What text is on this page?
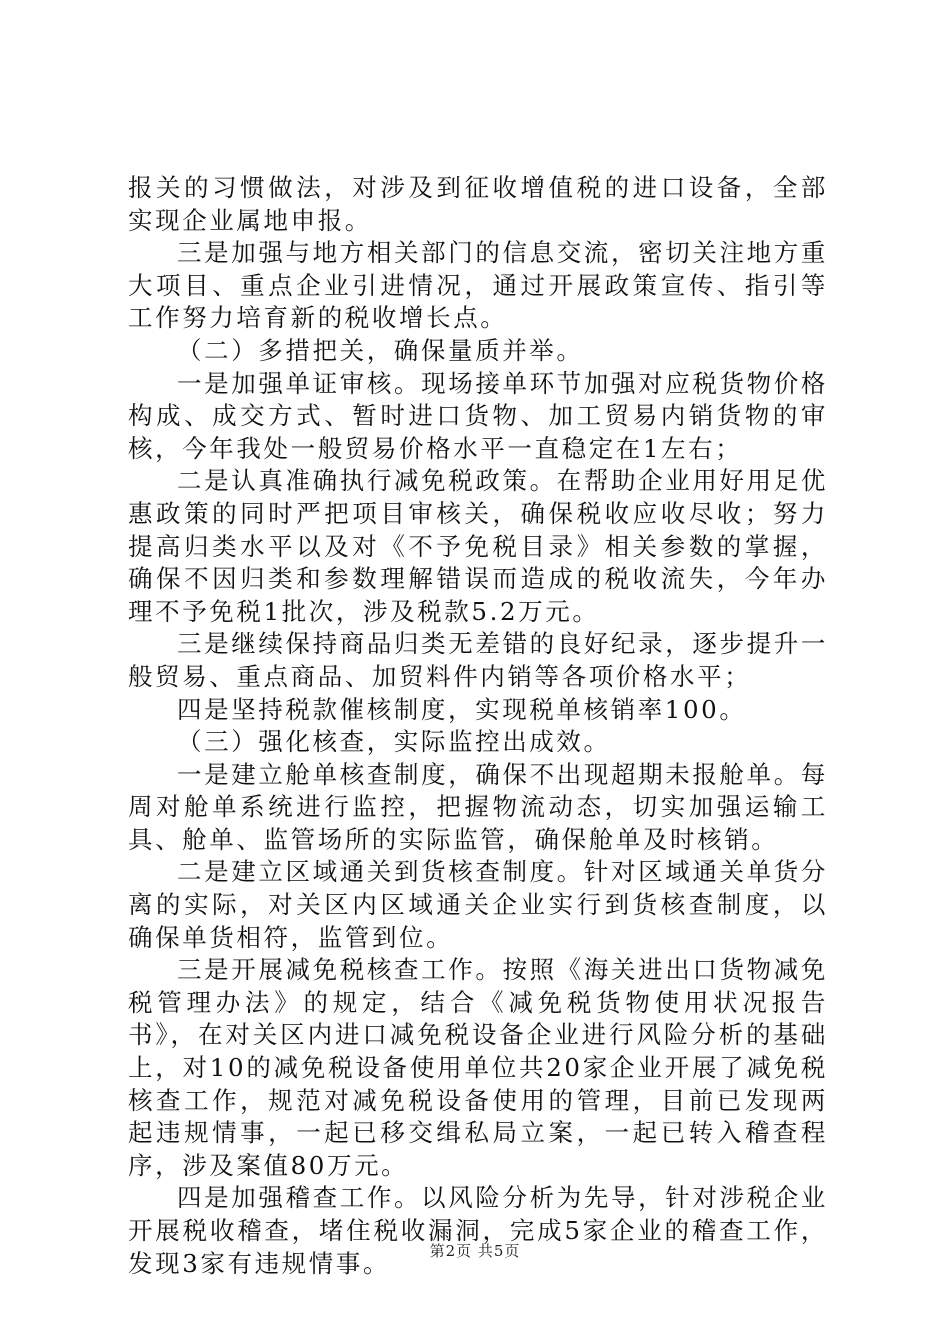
报关的习惯做法，对涉及到征收增值税的进口设备，全部实现企业属地申报。

三是加强与地方相关部门的信息交流，密切关注地方重大项目、重点企业引进情况，通过开展政策宣传、指引等工作努力培育新的税收增长点。

（二）多措把关，确保量质并举。

一是加强单证审核。现场接单环节加强对应税货物价格构成、成交方式、暂时进口货物、加工贸易内销货物的审核，今年我处一般贸易价格水平一直稳定在1左右；

二是认真准确执行减免税政策。在帮助企业用好用足优惠政策的同时严把项目审核关，确保税收应收尽收；努力提高归类水平以及对《不予免税目录》相关参数的掌握，确保不因归类和参数理解错误而造成的税收流失，今年办理不予免税1批次，涉及税款5.2万元。

三是继续保持商品归类无差错的良好纪录，逐步提升一般贸易、重点商品、加贸料件内销等各项价格水平；

四是坚持税款催核制度，实现税单核销率100。

（三）强化核查，实际监控出成效。

一是建立舱单核查制度，确保不出现超期未报舱单。每周对舱单系统进行监控，把握物流动态，切实加强运输工具、舱单、监管场所的实际监管，确保舱单及时核销。

二是建立区域通关到货核查制度。针对区域通关单货分离的实际，对关区内区域通关企业实行到货核查制度，以确保单货相符，监管到位。

三是开展减免税核查工作。按照《海关进出口货物减免税管理办法》的规定，结合《减免税货物使用状况报告书》，在对关区内进口减免税设备企业进行风险分析的基础上，对10的减免税设备使用单位共20家企业开展了减免税核查工作，规范对减免税设备使用的管理，目前已发现两起违规情事，一起已移交缉私局立案，一起已转入稽查程序，涉及案值80万元。

四是加强稽查工作。以风险分析为先导，针对涉税企业开展税收稽查，堵住税收漏洞，完成5家企业的稽查工作，发现3家有违规情事。	第2页 共5页
